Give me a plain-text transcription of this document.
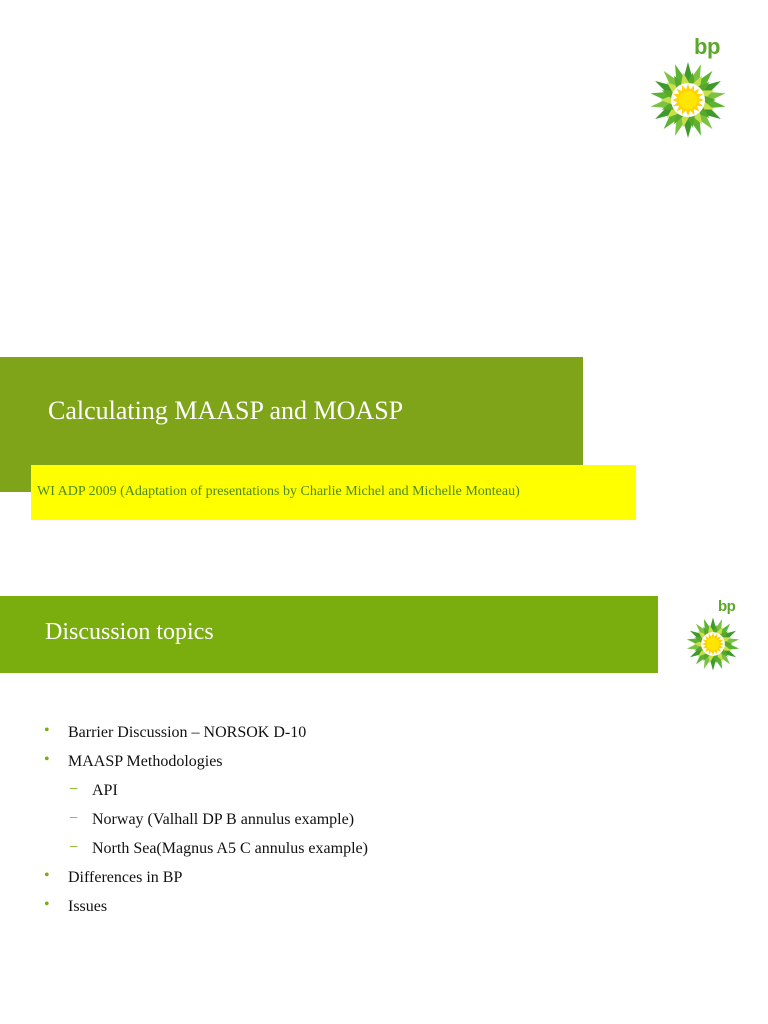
bp
Calculating MAASP and MOASP
WI ADP 2009 (Adaptation of presentations by Charlie Michel and Michelle Monteau)
Discussion topics
bp
• Barrier Discussion – NORSOK D-10
• MAASP Methodologies
− API
− Norway (Valhall DP B annulus example)
− North Sea(Magnus A5 C annulus example)
• Differences in BP
• Issues
